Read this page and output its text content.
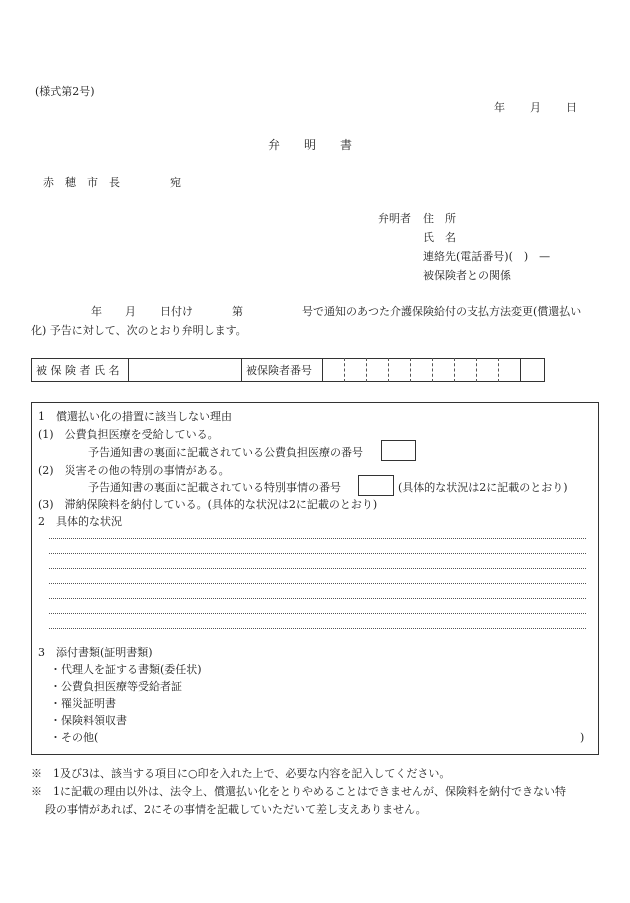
(様式第2号)
年 月 日
弁　　明　　書
赤　穂　市　長	宛
弁明者 住　所
氏　名
連絡先(電話番号)(　)　—
被保険者との関係
年 月 日付け	第	号で通知のあつた介護保険給付の支払方法変更(償還払い
化) 予告に対して、次のとおり弁明します。
被 保 険 者 氏 名	被保険者番号
1　償還払い化の措置に該当しない理由
(1)　公費負担医療を受給している。
予告通知書の裏面に記載されている公費負担医療の番号
(2)　災害その他の特別の事情がある。
予告通知書の裏面に記載されている特別事情の番号	(具体的な状況は2に記載のとおり)
(3)　滞納保険料を納付している。(具体的な状況は2に記載のとおり)
2　具体的な状況
3　添付書類(証明書類)
・代理人を証する書類(委任状)
・公費負担医療等受給者証
・罹災証明書
・保険料領収書
・その他(	)
※　1及び3は、該当する項目に○印を入れた上で、必要な内容を記入してください。
※　1に記載の理由以外は、法令上、償還払い化をとりやめることはできませんが、保険料を納付できない特
段の事情があれば、2にその事情を記載していただいて差し支えありません。
